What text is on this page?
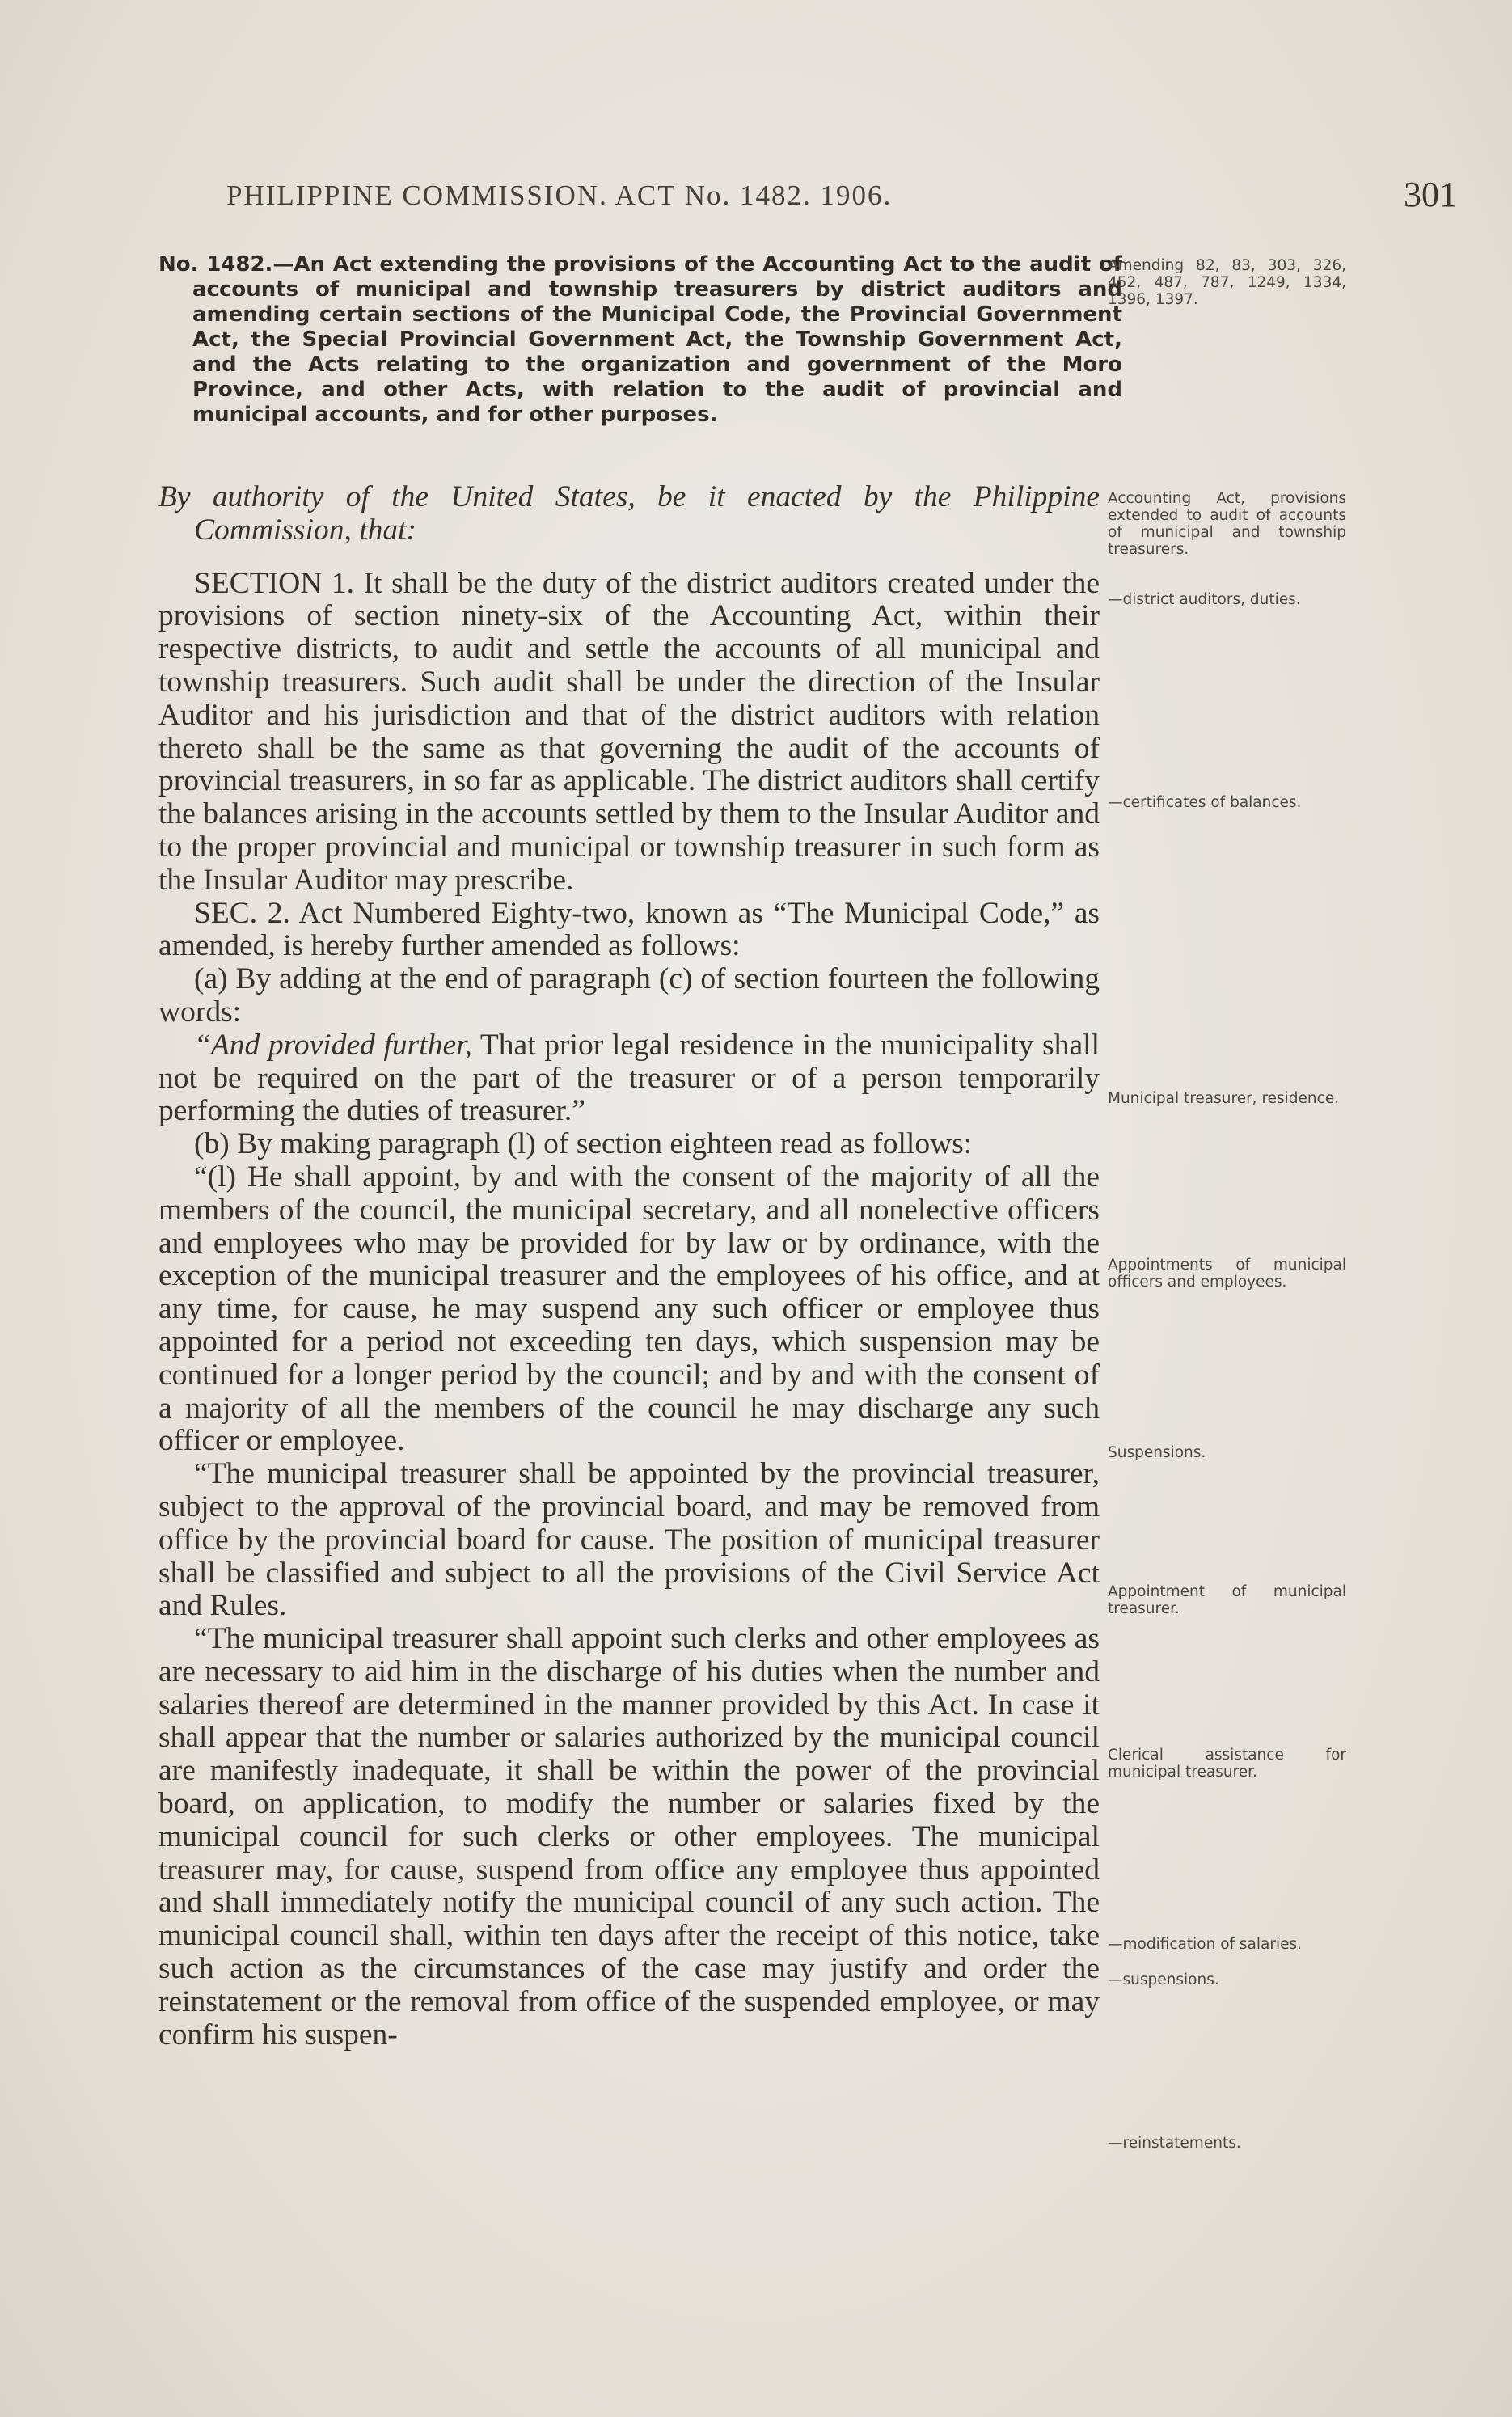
PHILIPPINE COMMISSION. ACT No. 1482. 1906.	301
No. 1482.—An Act extending the provisions of the Accounting Act to the audit of accounts of municipal and township treasurers by district auditors and amending certain sections of the Municipal Code, the Provincial Government Act, the Special Provincial Government Act, the Township Government Act, and the Acts relating to the organization and government of the Moro Province, and other Acts, with relation to the audit of provincial and municipal accounts, and for other purposes.
Amending 82, 83, 303, 326, 452, 487, 787, 1249, 1334, 1396, 1397.

By authority of the United States, be it enacted by the Philippine Commission, that:

SECTION 1. It shall be the duty of the district auditors created under the provisions of section ninety-six of the Accounting Act, within their respective districts, to audit and settle the accounts of all municipal and township treasurers. Such audit shall be under the direction of the Insular Auditor and his jurisdiction and that of the district auditors with relation thereto shall be the same as that governing the audit of the accounts of provincial treasurers, in so far as applicable. The district auditors shall certify the balances arising in the accounts settled by them to the Insular Auditor and to the proper provincial and municipal or township treasurer in such form as the Insular Auditor may prescribe.

SEC. 2. Act Numbered Eighty-two, known as “The Municipal Code,” as amended, is hereby further amended as follows:

(a) By adding at the end of paragraph (c) of section fourteen the following words:

“And provided further, That prior legal residence in the municipality shall not be required on the part of the treasurer or of a person temporarily performing the duties of treasurer.”

(b) By making paragraph (l) of section eighteen read as follows:

“(l) He shall appoint, by and with the consent of the majority of all the members of the council, the municipal secretary, and all nonelective officers and employees who may be provided for by law or by ordinance, with the exception of the municipal treasurer and the employees of his office, and at any time, for cause, he may suspend any such officer or employee thus appointed for a period not exceeding ten days, which suspension may be continued for a longer period by the council; and by and with the consent of a majority of all the members of the council he may discharge any such officer or employee.

“The municipal treasurer shall be appointed by the provincial treasurer, subject to the approval of the provincial board, and may be removed from office by the provincial board for cause. The position of municipal treasurer shall be classified and subject to all the provisions of the Civil Service Act and Rules.

“The municipal treasurer shall appoint such clerks and other employees as are necessary to aid him in the discharge of his duties when the number and salaries thereof are determined in the manner provided by this Act. In case it shall appear that the number or salaries authorized by the municipal council are manifestly inadequate, it shall be within the power of the provincial board, on application, to modify the number or salaries fixed by the municipal council for such clerks or other employees. The municipal treasurer may, for cause, suspend from office any employee thus appointed and shall immediately notify the municipal council of any such action. The municipal council shall, within ten days after the receipt of this notice, take such action as the circumstances of the case may justify and order the reinstatement or the removal from office of the suspended employee, or may confirm his suspen-

Accounting Act, provisions extended to audit of accounts of municipal and township treasurers.
—district auditors, duties.
—certificates of balances.
Municipal treasurer, residence.
Appointments of municipal officers and employees.
Suspensions.
Appointment of municipal treasurer.
Clerical assistance for municipal treasurer.
—modification of salaries.
—suspensions.
—reinstatements.
